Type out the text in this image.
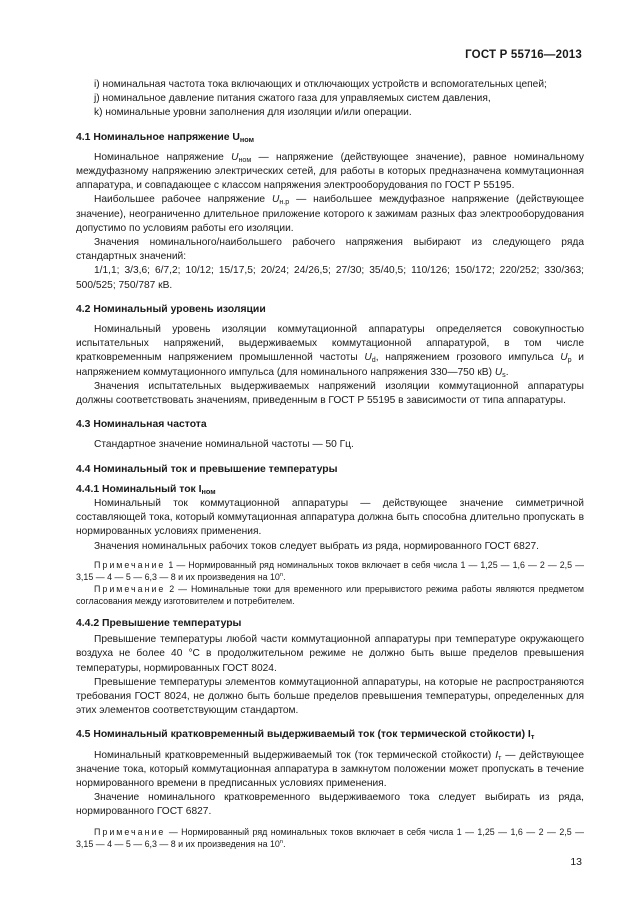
ГОСТ Р 55716—2013

i) номинальная частота тока включающих и отключающих устройств и вспомогательных цепей;

j) номинальное давление питания сжатого газа для управляемых систем давления,

k) номинальные уровни заполнения для изоляции и/или операции.

4.1 Номинальное напряжение $U_{ном}$

Номинальное напряжение $U_{ном}$ — напряжение (действующее значение), равное номинальному междуфазному напряжению электрических сетей, для работы в которых предназначена коммутационная аппаратура, и совпадающее с классом напряжения электрооборудования по ГОСТ Р 55195.

Наибольшее рабочее напряжение $U_{н.р}$ — наибольшее междуфазное напряжение (действующее значение), неограниченно длительное приложение которого к зажимам разных фаз электрооборудования допустимо по условиям работы его изоляции.

Значения номинального/наибольшего рабочего напряжения выбирают из следующего ряда стандартных значений:

1/1,1; 3/3,6; 6/7,2; 10/12; 15/17,5; 20/24; 24/26,5; 27/30; 35/40,5; 110/126; 150/172; 220/252; 330/363; 500/525; 750/787 кВ.

4.2 Номинальный уровень изоляции

Номинальный уровень изоляции коммутационной аппаратуры определяется совокупностью испытательных напряжений, выдерживаемых коммутационной аппаратурой, в том числе кратковременным напряжением промышленной частоты $U_d$, напряжением грозового импульса $U_p$ и напряжением коммутационного импульса (для номинального напряжения 330—750 кВ) $U_s$.

Значения испытательных выдерживаемых напряжений изоляции коммутационной аппаратуры должны соответствовать значениям, приведенным в ГОСТ Р 55195 в зависимости от типа аппаратуры.

4.3 Номинальная частота

Стандартное значение номинальной частоты — 50 Гц.

4.4 Номинальный ток и превышение температуры
4.4.1 Номинальный ток $I_{ном}$

Номинальный ток коммутационной аппаратуры — действующее значение симметричной составляющей тока, который коммутационная аппаратура должна быть способна длительно пропускать в нормированных условиях применения.

Значения номинальных рабочих токов следует выбрать из ряда, нормированного ГОСТ 6827.

Примечание 1 — Нормированный ряд номинальных токов включает в себя числа 1 — 1,25 — 1,6 — 2 — 2,5 — 3,15 — 4 — 5 — 6,3 — 8 и их произведения на 10$^n$.

Примечание 2 — Номинальные токи для временного или прерывистого режима работы являются предметом согласования между изготовителем и потребителем.

4.4.2 Превышение температуры

Превышение температуры любой части коммутационной аппаратуры при температуре окружающего воздуха не более 40 °С в продолжительном режиме не должно быть выше пределов превышения температуры, нормированных ГОСТ 8024.

Превышение температуры элементов коммутационной аппаратуры, на которые не распространяются требования ГОСТ 8024, не должно быть больше пределов превышения температуры, определенных для этих элементов соответствующим стандартом.

4.5 Номинальный кратковременный выдерживаемый ток (ток термической стойкости) $I_т$

Номинальный кратковременный выдерживаемый ток (ток термической стойкости) $I_т$ — действующее значение тока, который коммутационная аппаратура в замкнутом положении может пропускать в течение нормированного времени в предписанных условиях применения.

Значение номинального кратковременного выдерживаемого тока следует выбирать из ряда, нормированного ГОСТ 6827.

Примечание — Нормированный ряд номинальных токов включает в себя числа 1 — 1,25 — 1,6 — 2 — 2,5 — 3,15 — 4 — 5 — 6,3 — 8 и их произведения на 10$^n$.

13
